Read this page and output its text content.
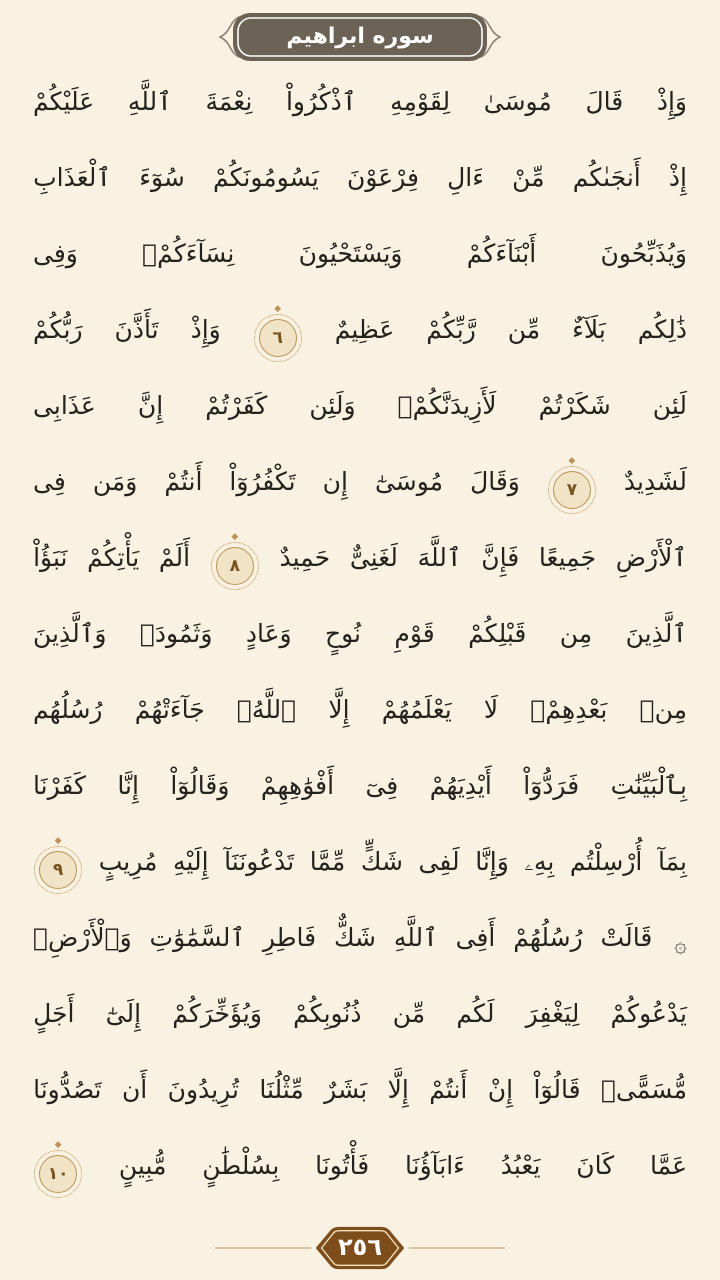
سوره ابراهيم
وَإِذْ
قَالَ
مُوسَىٰ
لِقَوْمِهِ
ٱذْكُرُواْ
نِعْمَةَ
ٱللَّهِ
عَلَيْكُمْ
إِذْ
أَنجَىٰكُم
مِّنْ
ءَالِ
فِرْعَوْنَ
يَسُومُونَكُمْ
سُوٓءَ
ٱلْعَذَابِ
وَيُذَبِّحُونَ
أَبْنَآءَكُمْ
وَيَسْتَحْيُونَ
نِسَآءَكُمْۚ
وَفِى
ذَٰلِكُم
بَلَآءٌ
مِّن
رَّبِّكُمْ
عَظِيمٌ
٦ ◆
وَإِذْ
تَأَذَّنَ
رَبُّكُمْ
لَئِن
شَكَرْتُمْ
لَأَزِيدَنَّكُمْۖ
وَلَئِن
كَفَرْتُمْ
إِنَّ
عَذَابِى
لَشَدِيدٌ
٧ ◆
وَقَالَ
مُوسَىٰٓ
إِن
تَكْفُرُوٓاْ
أَنتُمْ
وَمَن
فِى
ٱلْأَرْضِ
جَمِيعًا
فَإِنَّ
ٱللَّهَ
لَغَنِىٌّ
حَمِيدٌ
٨ ◆
أَلَمْ
يَأْتِكُمْ
نَبَؤُاْ
ٱلَّذِينَ
مِن
قَبْلِكُمْ
قَوْمِ
نُوحٍ
وَعَادٍ
وَثَمُودَۛ
وَٱلَّذِينَ
مِنۢ
بَعْدِهِمْۛ
لَا
يَعْلَمُهُمْ
إِلَّا
ٱللَّهُۚ
جَآءَتْهُمْ
رُسُلُهُم
بِٱلْبَيِّنَٰتِ
فَرَدُّوٓاْ
أَيْدِيَهُمْ
فِىٓ
أَفْوَٰهِهِمْ
وَقَالُوٓاْ
إِنَّا
كَفَرْنَا
بِمَآ
أُرْسِلْتُم
بِهِۦ
وَإِنَّا
لَفِى
شَكٍّ
مِّمَّا
تَدْعُونَنَآ
إِلَيْهِ
مُرِيبٍ
٩ ◆
۞
قَالَتْ
رُسُلُهُمْ
أَفِى
ٱللَّهِ
شَكٌّ
فَاطِرِ
ٱلسَّمَٰوَٰتِ
وَٱلْأَرْضِۖ
يَدْعُوكُمْ
لِيَغْفِرَ
لَكُم
مِّن
ذُنُوبِكُمْ
وَيُؤَخِّرَكُمْ
إِلَىٰٓ
أَجَلٍ
مُّسَمًّىۚ
قَالُوٓاْ
إِنْ
أَنتُمْ
إِلَّا
بَشَرٌ
مِّثْلُنَا
تُرِيدُونَ
أَن
تَصُدُّونَا
عَمَّا
كَانَ
يَعْبُدُ
ءَابَآؤُنَا
فَأْتُونَا
بِسُلْطَٰنٍ
مُّبِينٍ
١٠ ◆
٢٥٦
